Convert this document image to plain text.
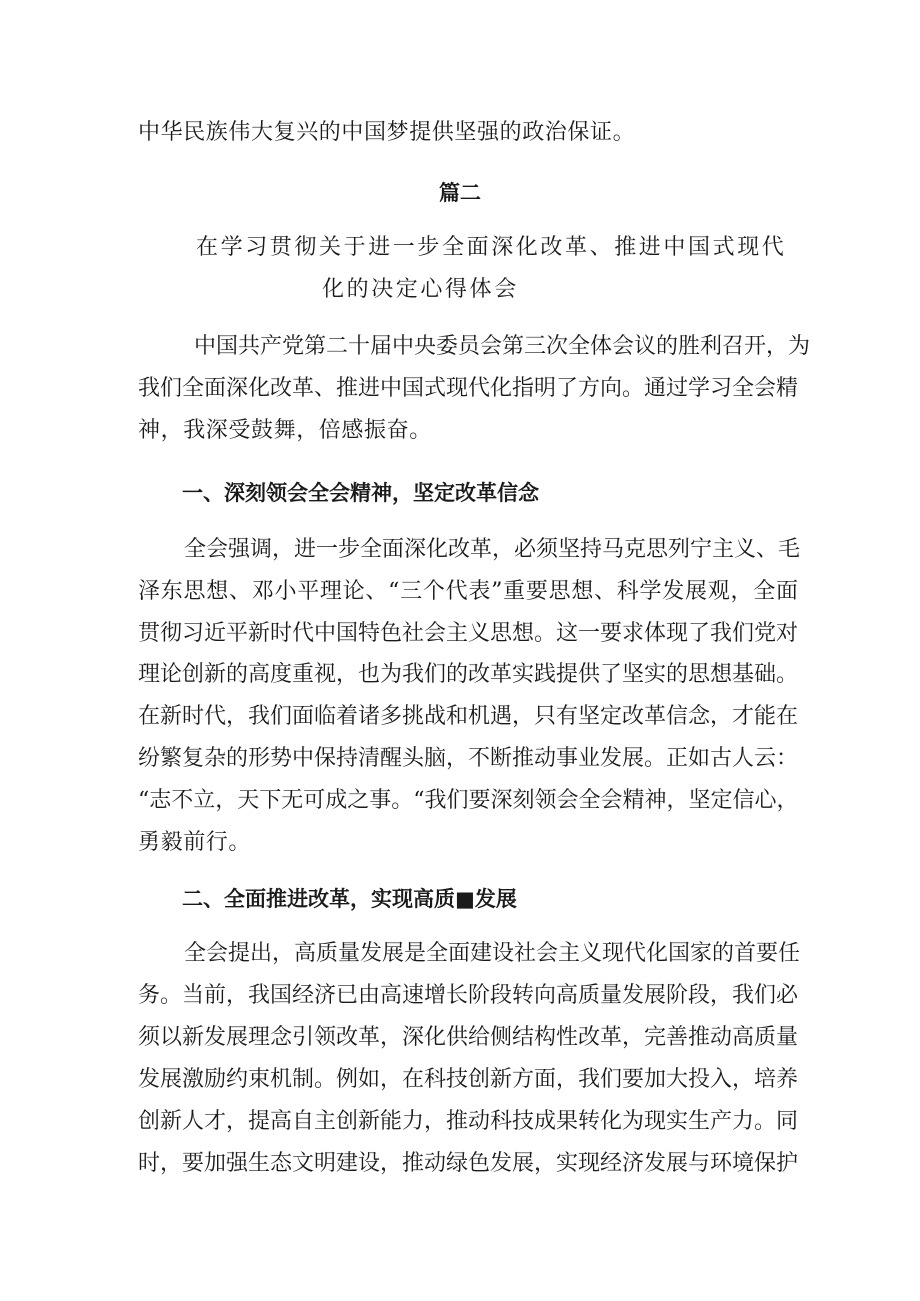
中华民族伟大复兴的中国梦提供坚强的政治保证。
篇二
在学习贯彻关于进一步全面深化改革、推进中国式现代
化的决定心得体会
中国共产党第二十届中央委员会第三次全体会议的胜利召开，为
我们全面深化改革、推进中国式现代化指明了方向。通过学习全会精
神，我深受鼓舞，倍感振奋。
一、深刻领会全会精神，坚定改革信念
全会强调，进一步全面深化改革，必须坚持马克思列宁主义、毛
泽东思想、邓小平理论、“三个代表”重要思想、科学发展观，全面
贯彻习近平新时代中国特色社会主义思想。这一要求体现了我们党对
理论创新的高度重视，也为我们的改革实践提供了坚实的思想基础。
在新时代，我们面临着诸多挑战和机遇，只有坚定改革信念，才能在
纷繁复杂的形势中保持清醒头脑，不断推动事业发展。正如古人云：
“志不立，天下无可成之事。“我们要深刻领会全会精神，坚定信心，
勇毅前行。
二、全面推进改革，实现高质■发展
全会提出，高质量发展是全面建设社会主义现代化国家的首要任
务。当前，我国经济已由高速增长阶段转向高质量发展阶段，我们必
须以新发展理念引领改革，深化供给侧结构性改革，完善推动高质量
发展激励约束机制。例如，在科技创新方面，我们要加大投入，培养
创新人才，提高自主创新能力，推动科技成果转化为现实生产力。同
时，要加强生态文明建设，推动绿色发展，实现经济发展与环境保护
